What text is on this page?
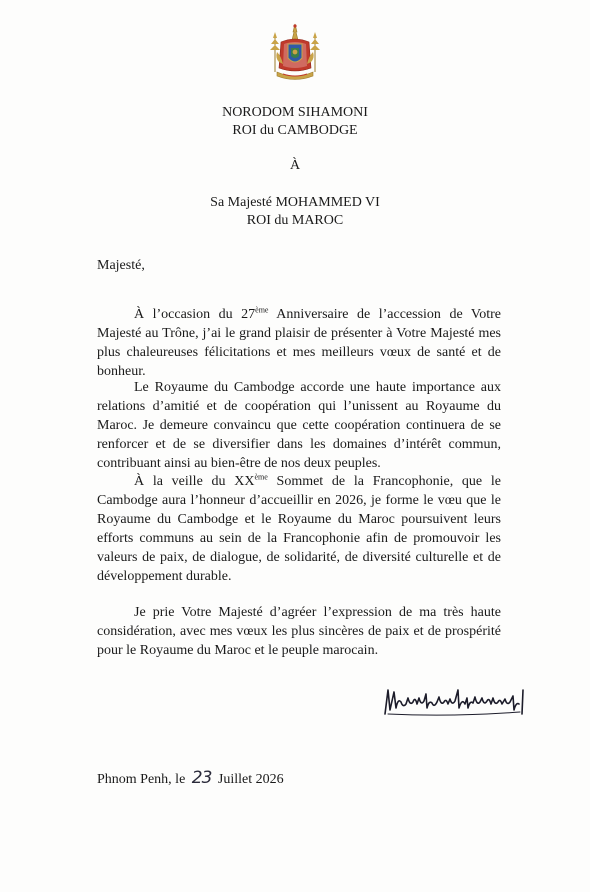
NORODOM SIHAMONI

ROI du CAMBODGE

À

Sa Majesté MOHAMMED VI

ROI du MAROC

Majesté,

À l’occasion du 27ème Anniversaire de l’accession de Votre Majesté au Trône, j’ai le grand plaisir de présenter à Votre Majesté mes plus chaleureuses félicitations et mes meilleurs vœux de santé et de bonheur.

Le Royaume du Cambodge accorde une haute importance aux relations d’amitié et de coopération qui l’unissent au Royaume du Maroc. Je demeure convaincu que cette coopération continuera de se renforcer et de se diversifier dans les domaines d’intérêt commun, contribuant ainsi au bien-être de nos deux peuples.

À la veille du XXème Sommet de la Francophonie, que le Cambodge aura l’honneur d’accueillir en 2026, je forme le vœu que le Royaume du Cambodge et le Royaume du Maroc poursuivent leurs efforts communs au sein de la Francophonie afin de promouvoir les valeurs de paix, de dialogue, de solidarité, de diversité culturelle et de développement durable.

Je prie Votre Majesté d’agréer l’expression de ma très haute considération, avec mes vœux les plus sincères de paix et de prospérité pour le Royaume du Maroc et le peuple marocain.

Phnom Penh, le 23 Juillet 2026
